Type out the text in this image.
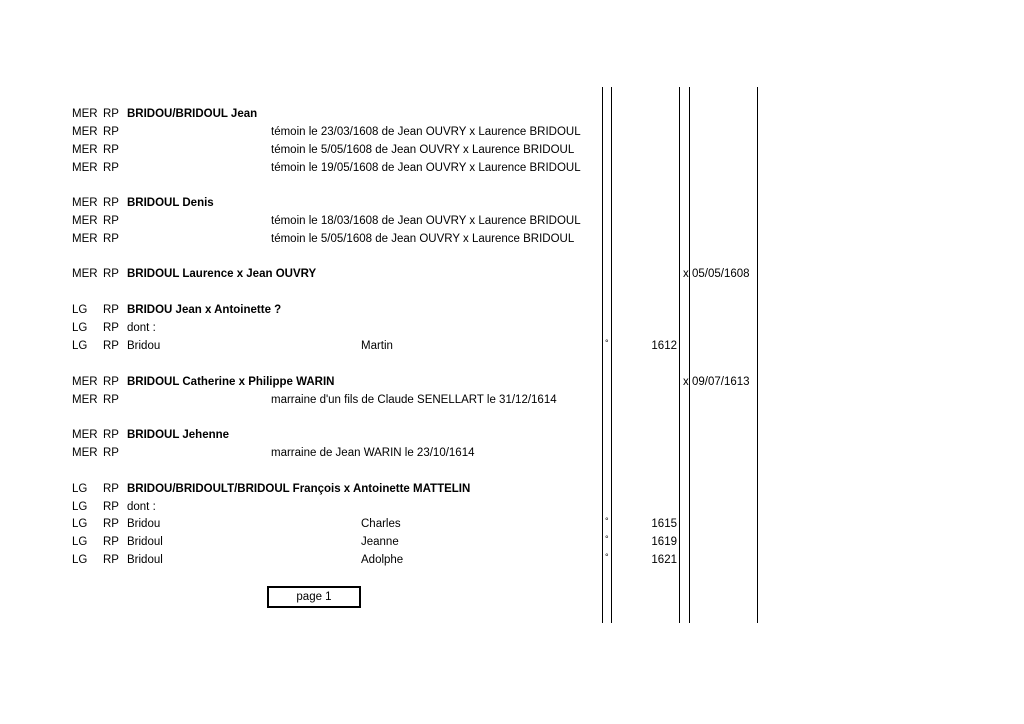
MER RP BRIDOU/BRIDOUL Jean
MER RP	témoin le 23/03/1608 de Jean OUVRY x Laurence BRIDOUL
MER RP	témoin le 5/05/1608 de Jean OUVRY x Laurence BRIDOUL
MER RP	témoin le 19/05/1608 de Jean OUVRY x Laurence BRIDOUL
MER RP BRIDOUL Denis
MER RP	témoin le 18/03/1608 de Jean OUVRY x Laurence BRIDOUL
MER RP	témoin le 5/05/1608 de Jean OUVRY x Laurence BRIDOUL
MER RP BRIDOUL Laurence x Jean OUVRY	x 05/05/1608
LG RP BRIDOU Jean x Antoinette ?
LG RP dont :
LG RP Bridou	Martin	°	1612
MER RP BRIDOUL Catherine x Philippe WARIN	x 09/07/1613
MER RP	marraine d'un fils de Claude SENELLART le 31/12/1614
MER RP BRIDOUL Jehenne
MER RP	marraine de Jean WARIN le 23/10/1614
LG RP BRIDOU/BRIDOULT/BRIDOUL François x Antoinette MATTELIN
LG RP dont :
LG RP Bridou	Charles	°	1615
LG RP Bridoul	Jeanne	°	1619
LG RP Bridoul	Adolphe	°	1621
page 1
